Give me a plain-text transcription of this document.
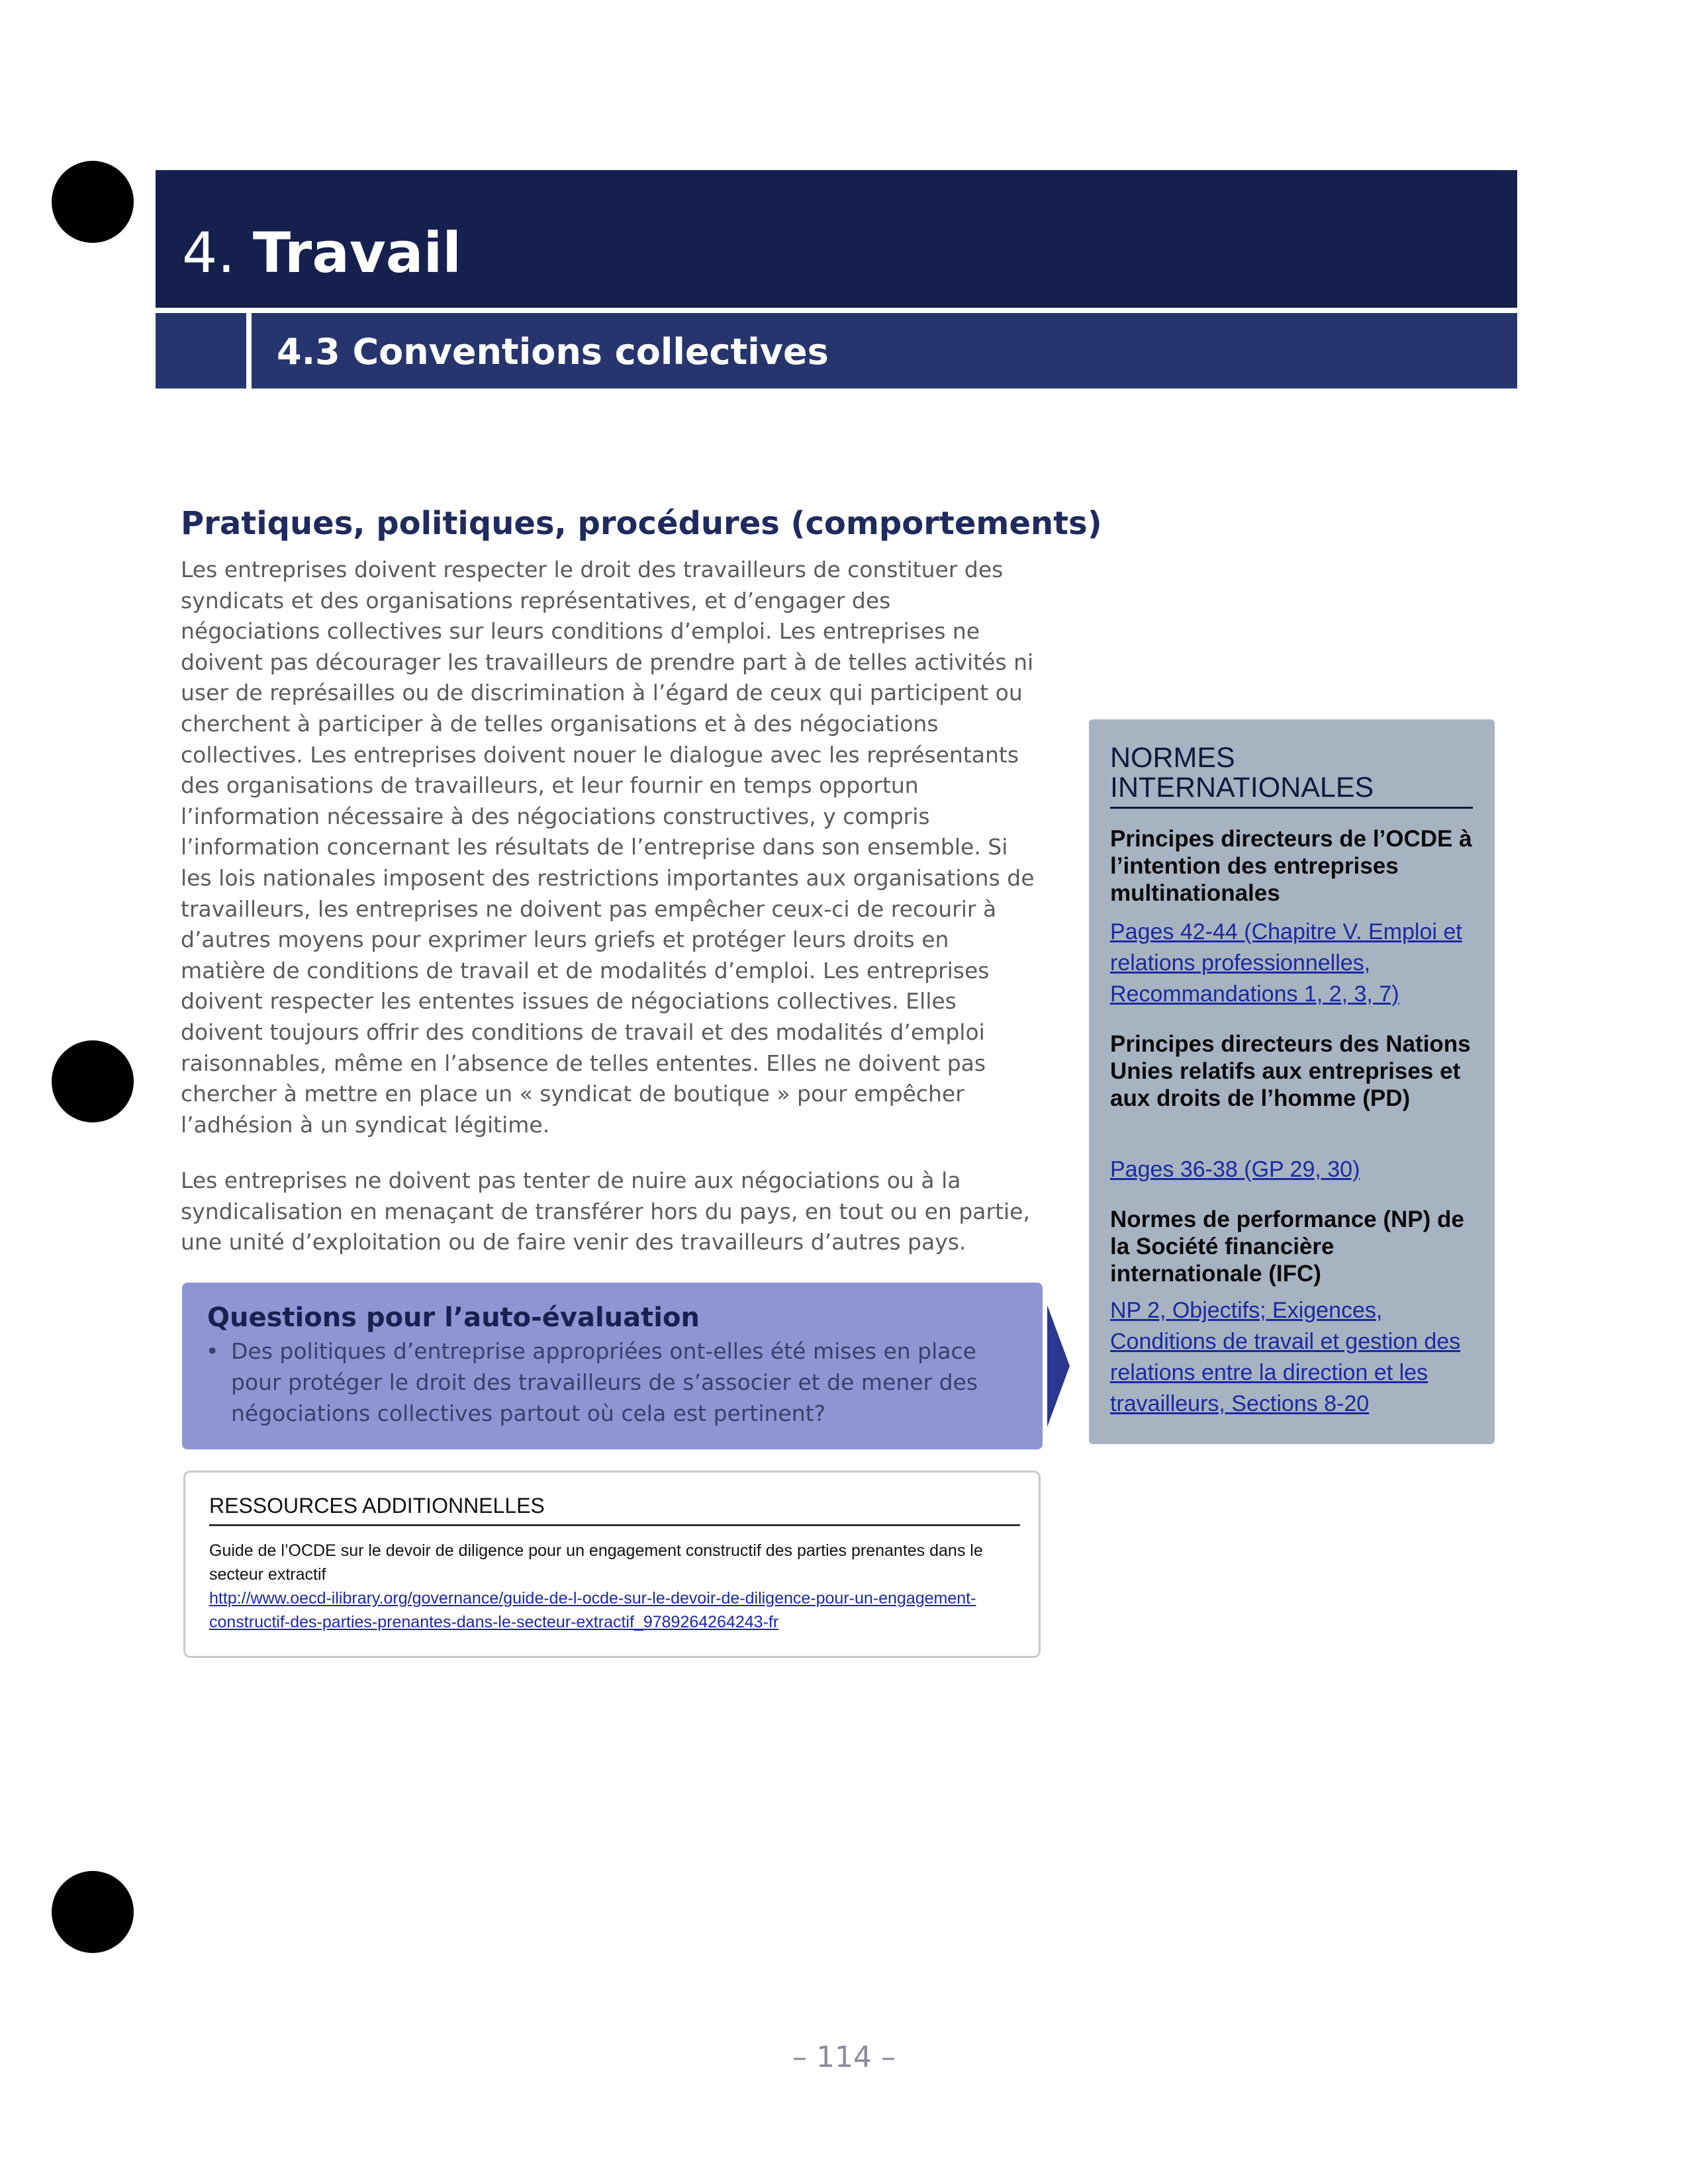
4. Travail
4.3 Conventions collectives
Pratiques, politiques, procédures (comportements)

Les entreprises doivent respecter le droit des travailleurs de constituer des syndicats et des organisations représentatives, et d’engager des négociations collectives sur leurs conditions d’emploi. Les entreprises ne doivent pas décourager les travailleurs de prendre part à de telles activités ni user de représailles ou de discrimination à l’égard de ceux qui participent ou cherchent à participer à de telles organisations et à des négociations collectives. Les entreprises doivent nouer le dialogue avec les représentants des organisations de travailleurs, et leur fournir en temps opportun l’information nécessaire à des négociations constructives, y compris l’information concernant les résultats de l’entreprise dans son ensemble. Si les lois nationales imposent des restrictions importantes aux organisations de travailleurs, les entreprises ne doivent pas empêcher ceux-ci de recourir à d’autres moyens pour exprimer leurs griefs et protéger leurs droits en matière de conditions de travail et de modalités d’emploi. Les entreprises doivent respecter les ententes issues de négociations collectives. Elles doivent toujours offrir des conditions de travail et des modalités d’emploi raisonnables, même en l’absence de telles ententes. Elles ne doivent pas chercher à mettre en place un « syndicat de boutique » pour empêcher l’adhésion à un syndicat légitime.

Les entreprises ne doivent pas tenter de nuire aux négociations ou à la syndicalisation en menaçant de transférer hors du pays, en tout ou en partie, une unité d’exploitation ou de faire venir des travailleurs d’autres pays.

Questions pour l’auto-évaluation
• Des politiques d’entreprise appropriées ont-elles été mises en place pour protéger le droit des travailleurs de s’associer et de mener des négociations collectives partout où cela est pertinent?
RESSOURCES ADDITIONNELLES

Guide de l’OCDE sur le devoir de diligence pour un engagement constructif des parties prenantes dans le secteur extractif

http://www.oecd-ilibrary.org/governance/guide-de-l-ocde-sur-le-devoir-de-diligence-pour-un-engagement-constructif-des-parties-prenantes-dans-le-secteur-extractif_9789264264243-fr
NORMES INTERNATIONALES

Principes directeurs de l’OCDE à l’intention des entreprises multinationales

Pages 42-44 (Chapitre V. Emploi et relations professionnelles, Recommandations 1, 2, 3, 7)

Principes directeurs des Nations Unies relatifs aux entreprises et aux droits de l’homme (PD)

Pages 36-38 (GP 29, 30)

Normes de performance (NP) de la Société financière internationale (IFC)

NP 2, Objectifs; Exigences, Conditions de travail et gestion des relations entre la direction et les travailleurs, Sections 8-20
– 114 –
